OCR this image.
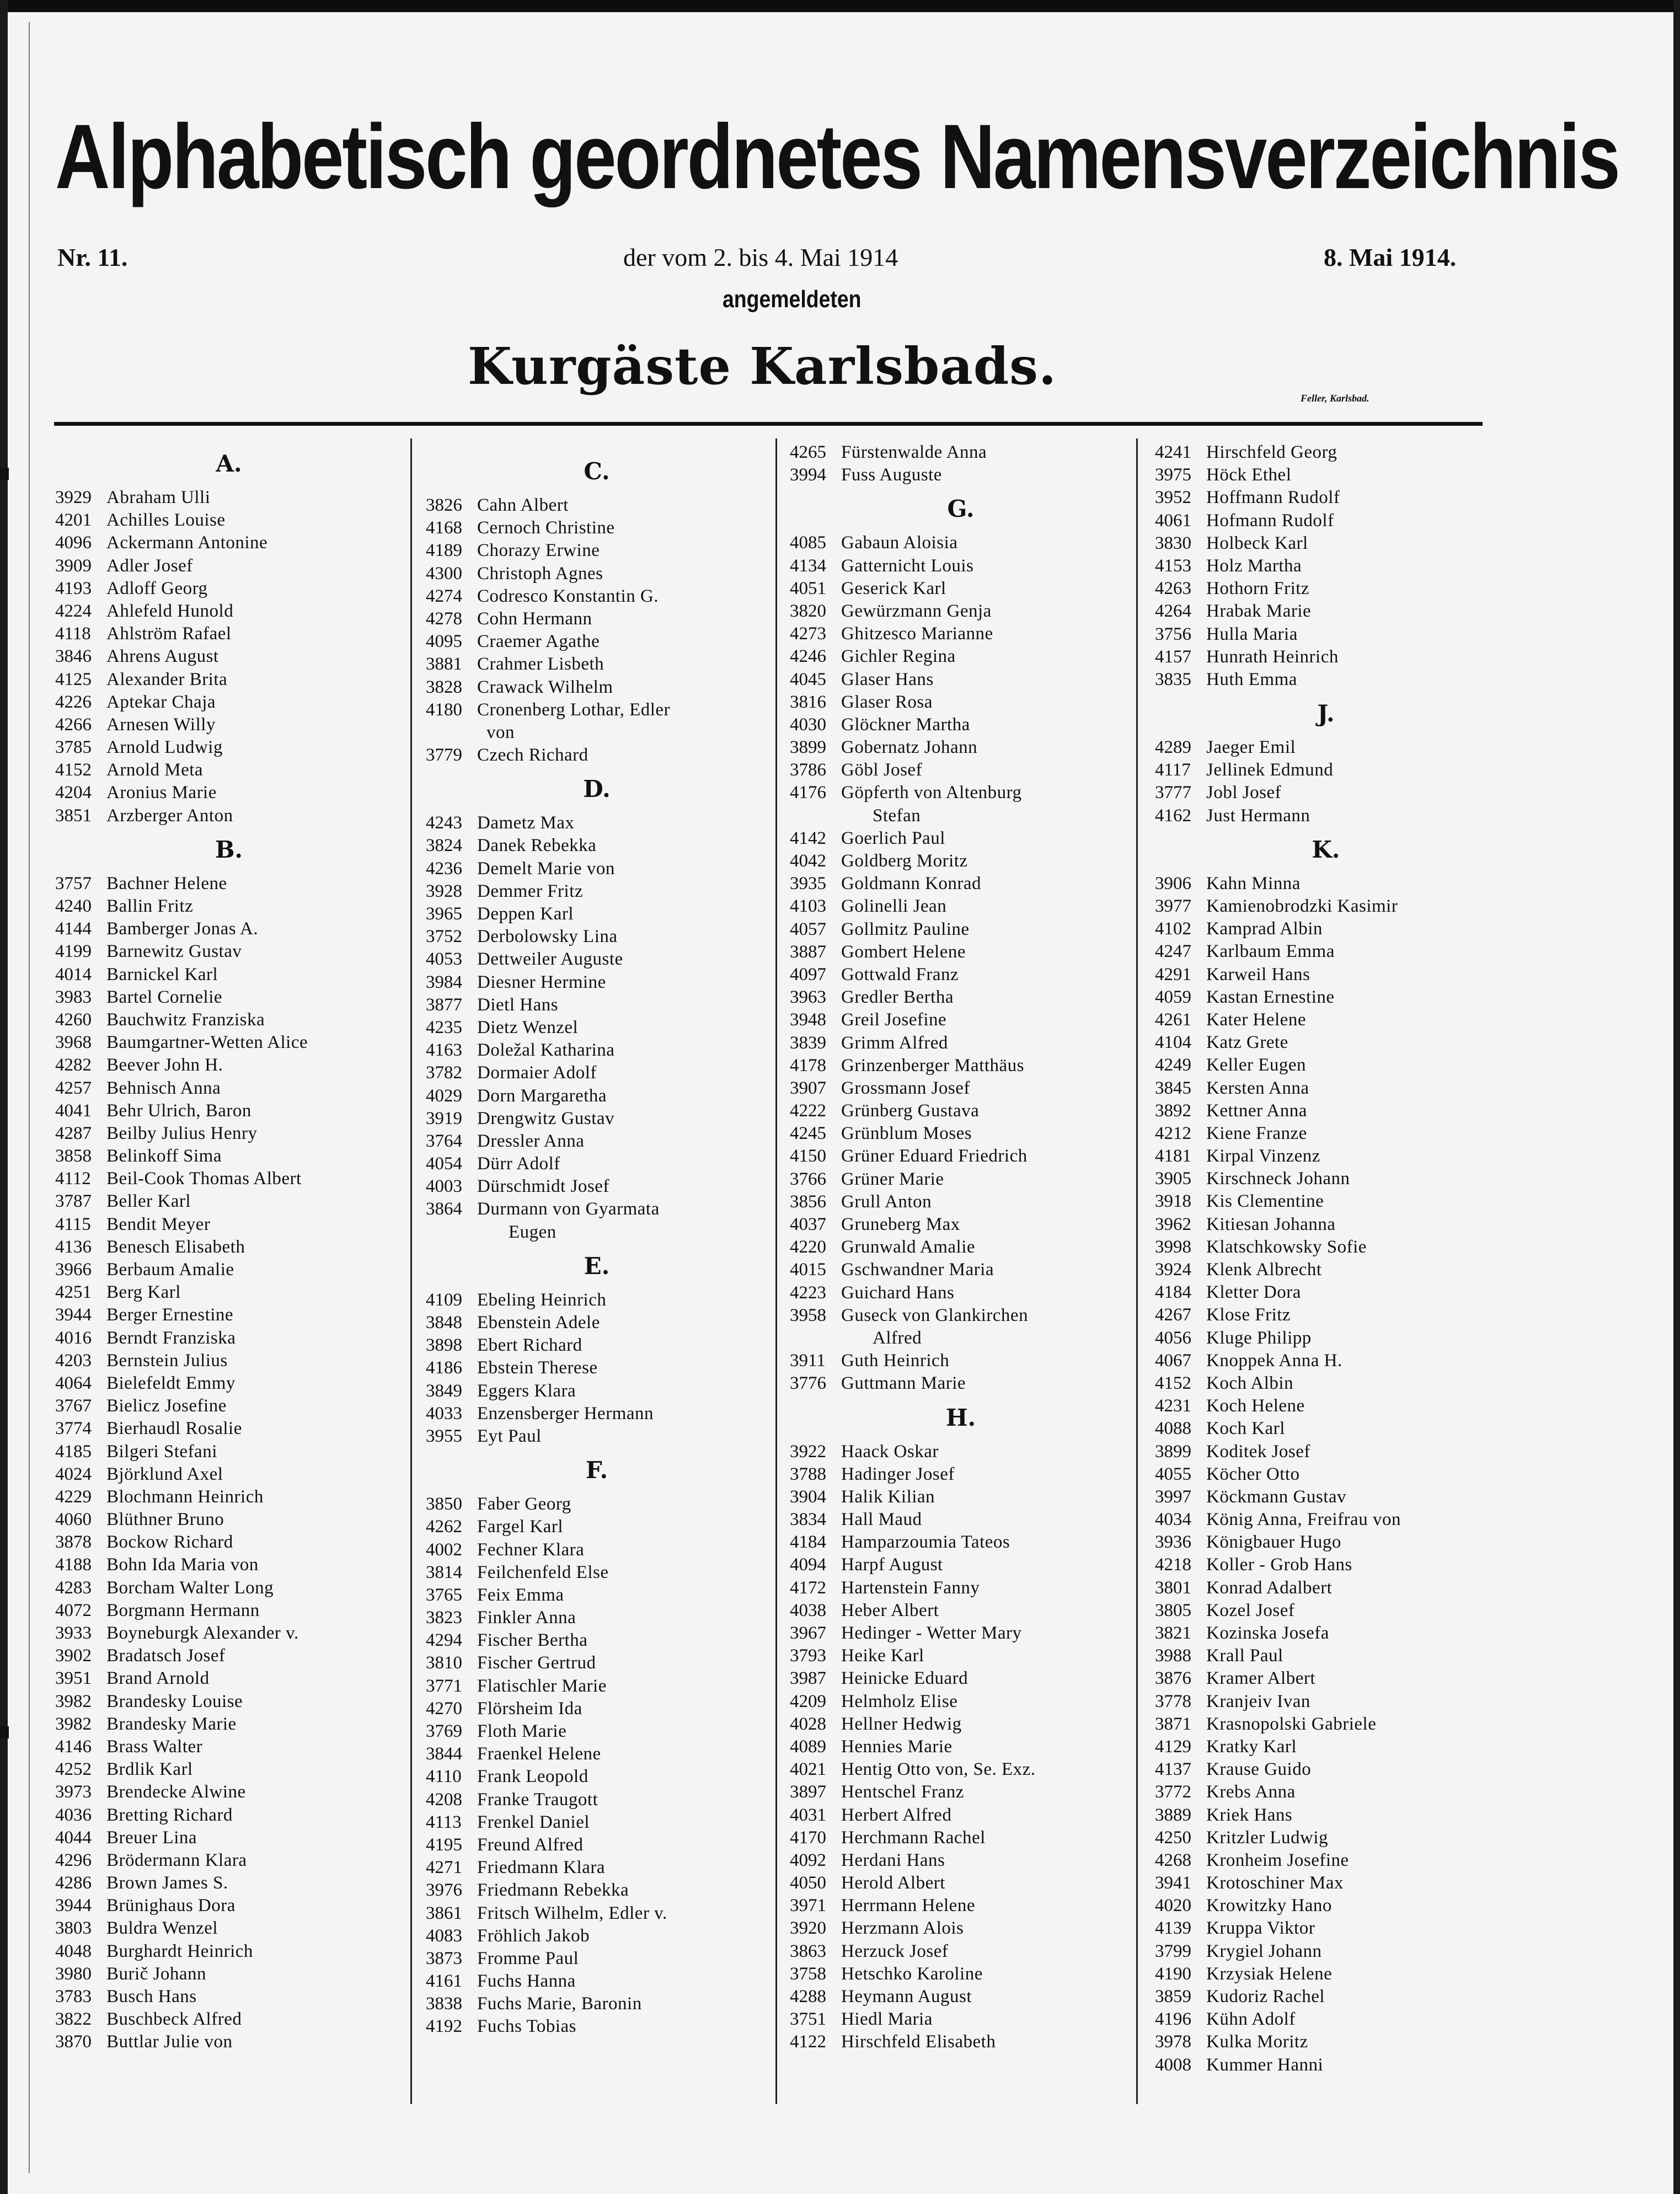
Alphabetisch geordnetes Namensverzeichnis
Nr. 11.	der vom 2. bis 4. Mai 1914	8. Mai 1914.
angemeldeten
Kurgäste Karlsbads.
Feller, Karlsbad.
A.
3929 Abraham Ulli
4201 Achilles Louise
4096 Ackermann Antonine
3909 Adler Josef
4193 Adloff Georg
4224 Ahlefeld Hunold
4118 Ahlström Rafael
3846 Ahrens August
4125 Alexander Brita
4226 Aptekar Chaja
4266 Arnesen Willy
3785 Arnold Ludwig
4152 Arnold Meta
4204 Aronius Marie
3851 Arzberger Anton
B.
3757 Bachner Helene
4240 Ballin Fritz
4144 Bamberger Jonas A.
4199 Barnewitz Gustav
4014 Barnickel Karl
3983 Bartel Cornelie
4260 Bauchwitz Franziska
3968 Baumgartner-Wetten Alice
4282 Beever John H.
4257 Behnisch Anna
4041 Behr Ulrich, Baron
4287 Beilby Julius Henry
3858 Belinkoff Sima
4112 Beil-Cook Thomas Albert
3787 Beller Karl
4115 Bendit Meyer
4136 Benesch Elisabeth
3966 Berbaum Amalie
4251 Berg Karl
3944 Berger Ernestine
4016 Berndt Franziska
4203 Bernstein Julius
4064 Bielefeldt Emmy
3767 Bielicz Josefine
3774 Bierhaudl Rosalie
4185 Bilgeri Stefani
4024 Björklund Axel
4229 Blochmann Heinrich
4060 Blüthner Bruno
3878 Bockow Richard
4188 Bohn Ida Maria von
4283 Borcham Walter Long
4072 Borgmann Hermann
3933 Boyneburgk Alexander v.
3902 Bradatsch Josef
3951 Brand Arnold
3982 Brandesky Louise
3982 Brandesky Marie
4146 Brass Walter
4252 Brdlik Karl
3973 Brendecke Alwine
4036 Bretting Richard
4044 Breuer Lina
4296 Brödermann Klara
4286 Brown James S.
3944 Brünighaus Dora
3803 Buldra Wenzel
4048 Burghardt Heinrich
3980 Burič Johann
3783 Busch Hans
3822 Buschbeck Alfred
3870 Buttlar Julie von
C.
3826 Cahn Albert
4168 Cernoch Christine
4189 Chorazy Erwine
4300 Christoph Agnes
4274 Codresco Konstantin G.
4278 Cohn Hermann
4095 Craemer Agathe
3881 Crahmer Lisbeth
3828 Crawack Wilhelm
4180 Cronenberg Lothar, Edler
von
3779 Czech Richard
D.
4243 Dametz Max
3824 Danek Rebekka
4236 Demelt Marie von
3928 Demmer Fritz
3965 Deppen Karl
3752 Derbolowsky Lina
4053 Dettweiler Auguste
3984 Diesner Hermine
3877 Dietl Hans
4235 Dietz Wenzel
4163 Doležal Katharina
3782 Dormaier Adolf
4029 Dorn Margaretha
3919 Drengwitz Gustav
3764 Dressler Anna
4054 Dürr Adolf
4003 Dürschmidt Josef
3864 Durmann von Gyarmata
Eugen
E.
4109 Ebeling Heinrich
3848 Ebenstein Adele
3898 Ebert Richard
4186 Ebstein Therese
3849 Eggers Klara
4033 Enzensberger Hermann
3955 Eyt Paul
F.
3850 Faber Georg
4262 Fargel Karl
4002 Fechner Klara
3814 Feilchenfeld Else
3765 Feix Emma
3823 Finkler Anna
4294 Fischer Bertha
3810 Fischer Gertrud
3771 Flatischler Marie
4270 Flörsheim Ida
3769 Floth Marie
3844 Fraenkel Helene
4110 Frank Leopold
4208 Franke Traugott
4113 Frenkel Daniel
4195 Freund Alfred
4271 Friedmann Klara
3976 Friedmann Rebekka
3861 Fritsch Wilhelm, Edler v.
4083 Fröhlich Jakob
3873 Fromme Paul
4161 Fuchs Hanna
3838 Fuchs Marie, Baronin
4192 Fuchs Tobias
4265 Fürstenwalde Anna
3994 Fuss Auguste
G.
4085 Gabaun Aloisia
4134 Gatternicht Louis
4051 Geserick Karl
3820 Gewürzmann Genja
4273 Ghitzesco Marianne
4246 Gichler Regina
4045 Glaser Hans
3816 Glaser Rosa
4030 Glöckner Martha
3899 Gobernatz Johann
3786 Göbl Josef
4176 Göpferth von Altenburg
Stefan
4142 Goerlich Paul
4042 Goldberg Moritz
3935 Goldmann Konrad
4103 Golinelli Jean
4057 Gollmitz Pauline
3887 Gombert Helene
4097 Gottwald Franz
3963 Gredler Bertha
3948 Greil Josefine
3839 Grimm Alfred
4178 Grinzenberger Matthäus
3907 Grossmann Josef
4222 Grünberg Gustava
4245 Grünblum Moses
4150 Grüner Eduard Friedrich
3766 Grüner Marie
3856 Grull Anton
4037 Gruneberg Max
4220 Grunwald Amalie
4015 Gschwandner Maria
4223 Guichard Hans
3958 Guseck von Glankirchen
Alfred
3911 Guth Heinrich
3776 Guttmann Marie
H.
3922 Haack Oskar
3788 Hadinger Josef
3904 Halik Kilian
3834 Hall Maud
4184 Hamparzoumia Tateos
4094 Harpf August
4172 Hartenstein Fanny
4038 Heber Albert
3967 Hedinger - Wetter Mary
3793 Heike Karl
3987 Heinicke Eduard
4209 Helmholz Elise
4028 Hellner Hedwig
4089 Hennies Marie
4021 Hentig Otto von, Se. Exz.
3897 Hentschel Franz
4031 Herbert Alfred
4170 Herchmann Rachel
4092 Herdani Hans
4050 Herold Albert
3971 Herrmann Helene
3920 Herzmann Alois
3863 Herzuck Josef
3758 Hetschko Karoline
4288 Heymann August
3751 Hiedl Maria
4122 Hirschfeld Elisabeth
4241 Hirschfeld Georg
3975 Höck Ethel
3952 Hoffmann Rudolf
4061 Hofmann Rudolf
3830 Holbeck Karl
4153 Holz Martha
4263 Hothorn Fritz
4264 Hrabak Marie
3756 Hulla Maria
4157 Hunrath Heinrich
3835 Huth Emma
J.
4289 Jaeger Emil
4117 Jellinek Edmund
3777 Jobl Josef
4162 Just Hermann
K.
3906 Kahn Minna
3977 Kamienobrodzki Kasimir
4102 Kamprad Albin
4247 Karlbaum Emma
4291 Karweil Hans
4059 Kastan Ernestine
4261 Kater Helene
4104 Katz Grete
4249 Keller Eugen
3845 Kersten Anna
3892 Kettner Anna
4212 Kiene Franze
4181 Kirpal Vinzenz
3905 Kirschneck Johann
3918 Kis Clementine
3962 Kitiesan Johanna
3998 Klatschkowsky Sofie
3924 Klenk Albrecht
4184 Kletter Dora
4267 Klose Fritz
4056 Kluge Philipp
4067 Knoppek Anna H.
4152 Koch Albin
4231 Koch Helene
4088 Koch Karl
3899 Koditek Josef
4055 Köcher Otto
3997 Köckmann Gustav
4034 König Anna, Freifrau von
3936 Königbauer Hugo
4218 Koller - Grob Hans
3801 Konrad Adalbert
3805 Kozel Josef
3821 Kozinska Josefa
3988 Krall Paul
3876 Kramer Albert
3778 Kranjeiv Ivan
3871 Krasnopolski Gabriele
4129 Kratky Karl
4137 Krause Guido
3772 Krebs Anna
3889 Kriek Hans
4250 Kritzler Ludwig
4268 Kronheim Josefine
3941 Krotoschiner Max
4020 Krowitzky Hano
4139 Kruppa Viktor
3799 Krygiel Johann
4190 Krzysiak Helene
3859 Kudoriz Rachel
4196 Kühn Adolf
3978 Kulka Moritz
4008 Kummer Hanni
